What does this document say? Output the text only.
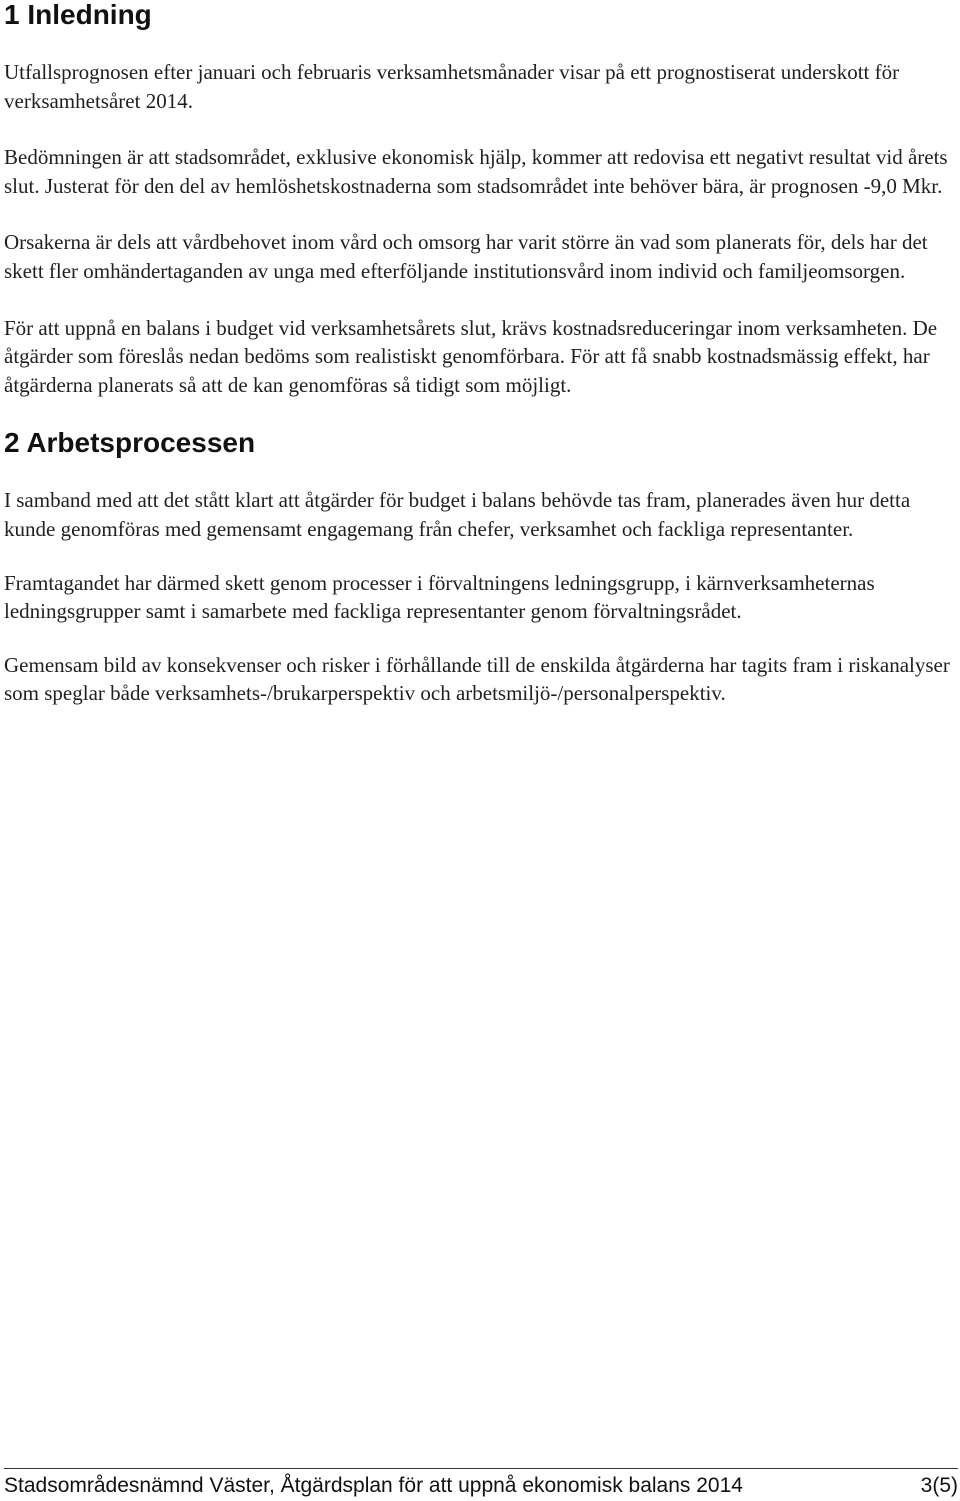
1 Inledning

Utfallsprognosen efter januari och februaris verksamhetsmånader visar på ett prognostiserat underskott för verksamhetsåret 2014.

Bedömningen är att stadsområdet, exklusive ekonomisk hjälp, kommer att redovisa ett negativt resultat vid årets slut. Justerat för den del av hemlöshetskostnaderna som stadsområdet inte behöver bära, är prognosen -9,0 Mkr.

Orsakerna är dels att vårdbehovet inom vård och omsorg har varit större än vad som planerats för, dels har det skett fler omhändertaganden av unga med efterföljande institutionsvård inom individ och familjeomsorgen.

För att uppnå en balans i budget vid verksamhetsårets slut, krävs kostnadsreduceringar inom verksamheten. De åtgärder som föreslås nedan bedöms som realistiskt genomförbara. För att få snabb kostnadsmässig effekt, har åtgärderna planerats så att de kan genomföras så tidigt som möjligt.

2 Arbetsprocessen

I samband med att det stått klart att åtgärder för budget i balans behövde tas fram, planerades även hur detta kunde genomföras med gemensamt engagemang från chefer, verksamhet och fackliga representanter.

Framtagandet har därmed skett genom processer i förvaltningens ledningsgrupp, i kärnverksamheternas ledningsgrupper samt i samarbete med fackliga representanter genom förvaltningsrådet.

Gemensam bild av konsekvenser och risker i förhållande till de enskilda åtgärderna har tagits fram i riskanalyser som speglar både verksamhets-/brukarperspektiv och arbetsmiljö-/personalperspektiv.

Stadsområdesnämnd Väster, Åtgärdsplan för att uppnå ekonomisk balans 2014	3(5)
